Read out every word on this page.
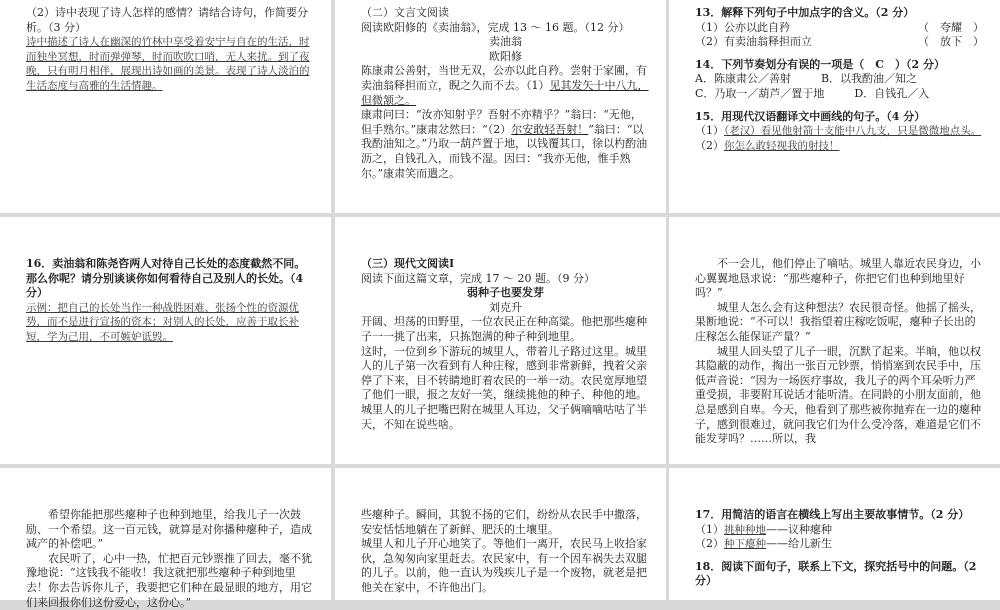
（2）诗中表现了诗人怎样的感情？请结合诗句，作简要分析。（3 分）

诗中描述了诗人在幽深的竹林中享受着安宁与自在的生活，时而独坐冥想，时而弹弹琴，时而吹吹口哨，无人来扰。到了夜晚，只有明月相伴，展现出诗如画的美景。表现了诗人淡泊的生活态度与高雅的生活情趣。

（二）文言文阅读

阅读欧阳修的《卖油翁》，完成 13 ～ 16 题。（12 分）

卖油翁

欧阳修

陈康肃公善射，当世无双，公亦以此自矜。尝射于家圃，有卖油翁释担而立，睨之久而不去。（1）见其发矢十中八九，但微颔之。

康肃问曰：“汝亦知射乎？吾射不亦精乎？”翁曰：“无他，但手熟尔。”康肃忿然曰：“（2）尔安敢轻吾射！”翁曰：“以我酌油知之。”乃取一葫芦置于地，以钱覆其口，徐以杓酌油沥之，自钱孔入，而钱不湿。因曰：“我亦无他，惟手熟尔。”康肃笑而遣之。

13．解释下列句子中加点字的含义。（2 分）

（1）公亦以此自矜	（　夸耀　）
（2）有卖油翁释担而立	（　放下　）

14．下列节奏划分有误的一项是（　C　）（2 分）

A．陈康肃公／善射	B．以我酌油／知之
C．乃取一／葫芦／置于地	D．自钱孔／入

15．用现代汉语翻译文中画线的句子。（4 分）

（1）（老汉）看见他射箭十支能中八九支，只是微微地点头。

（2）你怎么敢轻视我的射技！

16．卖油翁和陈尧咨两人对待自己长处的态度截然不同。那么你呢？请分别谈谈你如何看待自己及别人的长处。（4 分）

示例：把自己的长处当作一种战胜困难、张扬个性的资源优势，而不是进行宣扬的资本；对别人的长处，应善于取长补短，学为己用，不可嫉妒诋毁。

（三）现代文阅读Ⅰ

阅读下面这篇文章，完成 17 ～ 20 题。（9 分）

弱种子也要发芽

刘克升

开阔、坦荡的田野里，一位农民正在种高粱。他把那些瘪种子一一挑了出来，只拣饱满的种子种到地里。

这时，一位到乡下游玩的城里人，带着儿子路过这里。城里人的儿子第一次看到有人种庄稼，感到非常新鲜，拽着父亲停了下来，目不转睛地盯着农民的一举一动。农民宽厚地望了他们一眼，报之友好一笑，继续挑他的种子、种他的地。

城里人的儿子把嘴巴附在城里人耳边，父子俩嘀嘀咕咕了半天，不知在说些啥。

不一会儿，他们停止了嘀咕。城里人靠近农民身边，小心翼翼地恳求说：“那些瘪种子，你把它们也种到地里好吗？”

城里人怎么会有这种想法？农民很奇怪。他摇了摇头，果断地说：“不可以！我指望着庄稼吃饭呢，瘪种子长出的庄稼怎么能保证产量？”

城里人回头望了儿子一眼，沉默了起来。半晌，他以权其隐蔽的动作，掏出一张百元钞票，悄悄塞到农民手中，压低声音说：“因为一场医疗事故，我儿子的两个耳朵听力严重受损，非要附耳说话才能听清。在同龄的小朋友面前，他总是感到自卑。今天，他看到了那些被你抛弃在一边的瘪种子，感到很难过，就问我它们为什么受冷落，难道是它们不能发芽吗？……所以，我

希望你能把那些瘪种子也种到地里，给我儿子一次鼓励、一个希望。这一百元钱，就算是对你播种瘪种子，造成减产的补偿吧。”

农民听了，心中一热，忙把百元钞票推了回去，毫不犹豫地说：“这钱我不能收！我这就把那些瘪种子种到地里去！你去告诉你儿子，我要把它们种在最显眼的地方，用它们来回报你们这份爱心，这份心。”

些瘪种子。瞬间，其貌不扬的它们，纷纷从农民手中撒落，安安恬恬地躺在了新鲜、肥沃的土壤里。

城里人和儿子开心地笑了。等他们一离开，农民马上收拾家伙，急匆匆向家里赶去。农民家中，有一个因车祸失去双腿的儿子。以前，他一直认为残疾儿子是一个废物，就老是把他关在家中，不许他出门。

17．用简洁的语言在横线上写出主要故事情节。（2 分）

（1）挑种种地——议种瘪种

（2）种下瘪种——给儿新生

18．阅读下面句子，联系上下文，探究括号中的问题。（2 分）
